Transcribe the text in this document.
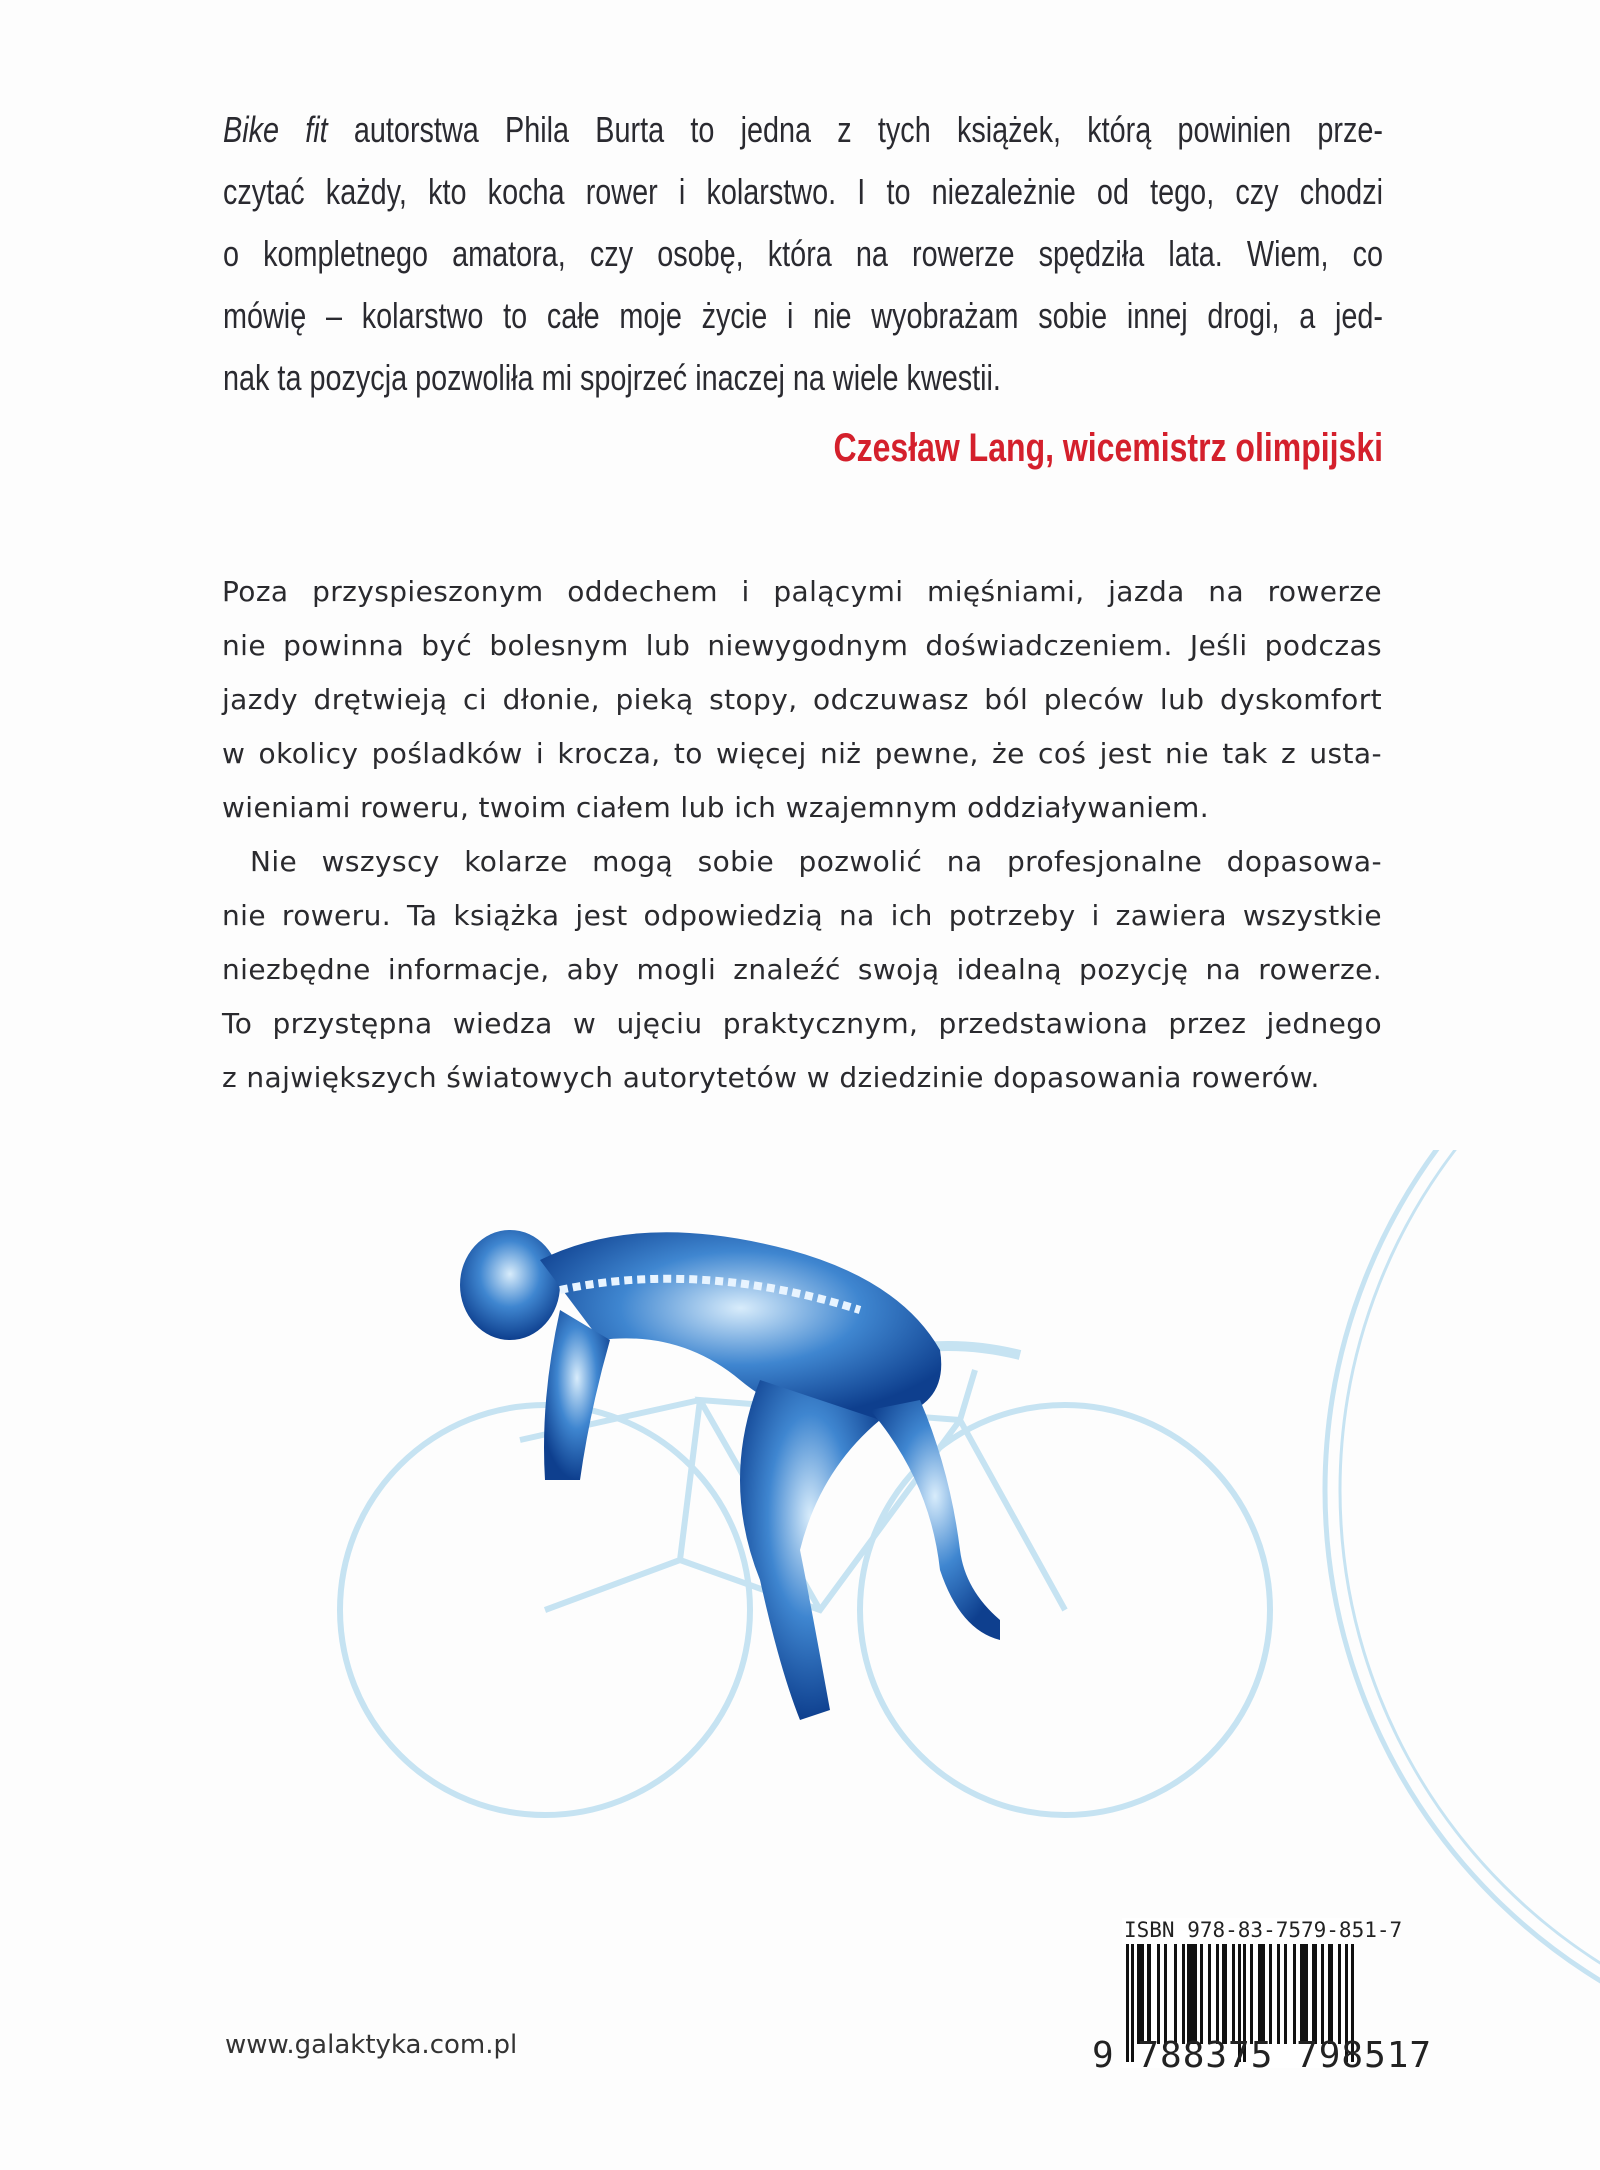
Bike fit autorstwa Phila Burta to jedna z tych książek, którą powinien prze-
czytać każdy, kto kocha rower i kolarstwo. I to niezależnie od tego, czy chodzi
o kompletnego amatora, czy osobę, która na rowerze spędziła lata. Wiem, co
mówię – kolarstwo to całe moje życie i nie wyobrażam sobie innej drogi, a jed-
nak ta pozycja pozwoliła mi spojrzeć inaczej na wiele kwestii.
Czesław Lang, wicemistrz olimpijski
Poza przyspieszonym oddechem i palącymi mięśniami, jazda na rowerze
nie powinna być bolesnym lub niewygodnym doświadczeniem. Jeśli podczas
jazdy drętwieją ci dłonie, pieką stopy, odczuwasz ból pleców lub dyskomfort
w okolicy pośladków i krocza, to więcej niż pewne, że coś jest nie tak z usta-
wieniami roweru, twoim ciałem lub ich wzajemnym oddziaływaniem.
Nie wszyscy kolarze mogą sobie pozwolić na profesjonalne dopasowa-
nie roweru. Ta książka jest odpowiedzią na ich potrzeby i zawiera wszystkie
niezbędne informacje, aby mogli znaleźć swoją idealną pozycję na rowerze.
To przystępna wiedza w ujęciu praktycznym, przedstawiona przez jednego
z największych światowych autorytetów w dziedzinie dopasowania rowerów.
www.galaktyka.com.pl
ISBN 978-83-7579-851-7
9 788375 798517
